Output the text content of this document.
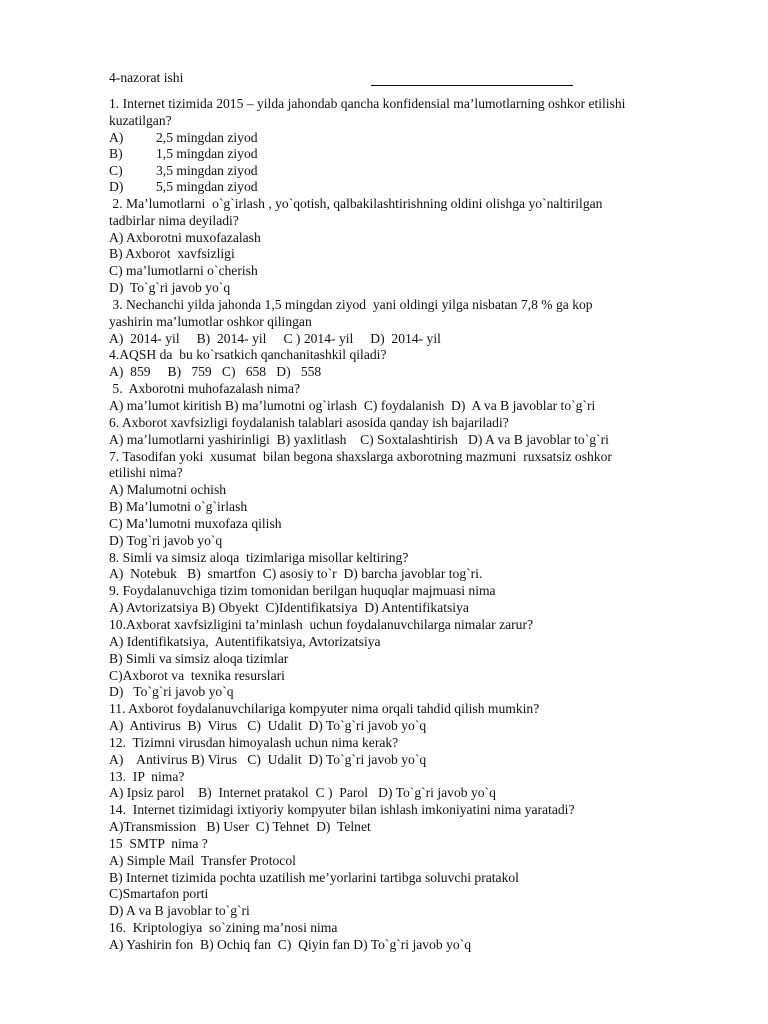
4-nazorat ishi
1. Internet tizimida 2015 – yilda jahondab qancha konfidensial ma’lumotlarning oshkor etilishi
kuzatilgan?
A)	2,5 mingdan ziyod
B)	1,5 mingdan ziyod
C)	3,5 mingdan ziyod
D)	5,5 mingdan ziyod
2. Ma’lumotlarni  o`g`irlash , yo`qotish, qalbakilashtirishning oldini olishga yo`naltirilgan
tadbirlar nima deyiladi?
A) Axborotni muxofazalash
B) Axborot  xavfsizligi
C) ma’lumotlarni o`cherish
D)  To`g`ri javob yo`q
3. Nechanchi yilda jahonda 1,5 mingdan ziyod  yani oldingi yilga nisbatan 7,8 % ga kop
yashirin ma’lumotlar oshkor qilingan
A)  2014- yil     B)  2014- yil     C ) 2014- yil     D)  2014- yil
4.AQSH da  bu ko`rsatkich qanchanitashkil qiladi?
A)  859     B)   759   C)   658   D)   558
5.  Axborotni muhofazalash nima?
A) ma’lumot kiritish B) ma’lumotni og`irlash  C) foydalanish  D)  A va B javoblar to`g`ri
6. Axborot xavfsizligi foydalanish talablari asosida qanday ish bajariladi?
A) ma’lumotlarni yashirinligi  B) yaxlitlash    C) Soxtalashtirish   D) A va B javoblar to`g`ri
7. Tasodifan yoki  xusumat  bilan begona shaxslarga axborotning mazmuni  ruxsatsiz oshkor
etilishi nima?
A) Malumotni ochish
B) Ma’lumotni o`g`irlash
C) Ma’lumotni muxofaza qilish
D) Tog`ri javob yo`q
8. Simli va simsiz aloqa  tizimlariga misollar keltiring?
A)  Notebuk   B)  smartfon  C) asosiy to`r  D) barcha javoblar tog`ri.
9. Foydalanuvchiga tizim tomonidan berilgan huquqlar majmuasi nima
A) Avtorizatsiya B) Obyekt  C)Identifikatsiya  D) Antentifikatsiya
10.Axborat xavfsizligini ta’minlash  uchun foydalanuvchilarga nimalar zarur?
A) Identifikatsiya,  Autentifikatsiya, Avtorizatsiya
B) Simli va simsiz aloqa tizimlar
C)Axborot va  texnika resurslari
D)   To`g`ri javob yo`q
11. Axborot foydalanuvchilariga kompyuter nima orqali tahdid qilish mumkin?
A)  Antivirus  B)  Virus   C)  Udalit  D) To`g`ri javob yo`q
12.  Tizimni virusdan himoyalash uchun nima kerak?
A)    Antivirus B) Virus   C)  Udalit  D) To`g`ri javob yo`q
13.  IP  nima?
A) Ipsiz parol    B)  Internet pratakol  C )  Parol   D) To`g`ri javob yo`q
14.  Internet tizimidagi ixtiyoriy kompyuter bilan ishlash imkoniyatini nima yaratadi?
A)Transmission   B) User  C) Tehnet  D)  Telnet
15  SMTP  nima ?
A) Simple Mail  Transfer Protocol
B) Internet tizimida pochta uzatilish me’yorlarini tartibga soluvchi pratakol
C)Smartafon porti
D) A va B javoblar to`g`ri
16.  Kriptologiya  so`zining ma’nosi nima
A) Yashirin fon  B) Ochiq fan  C)  Qiyin fan D) To`g`ri javob yo`q
